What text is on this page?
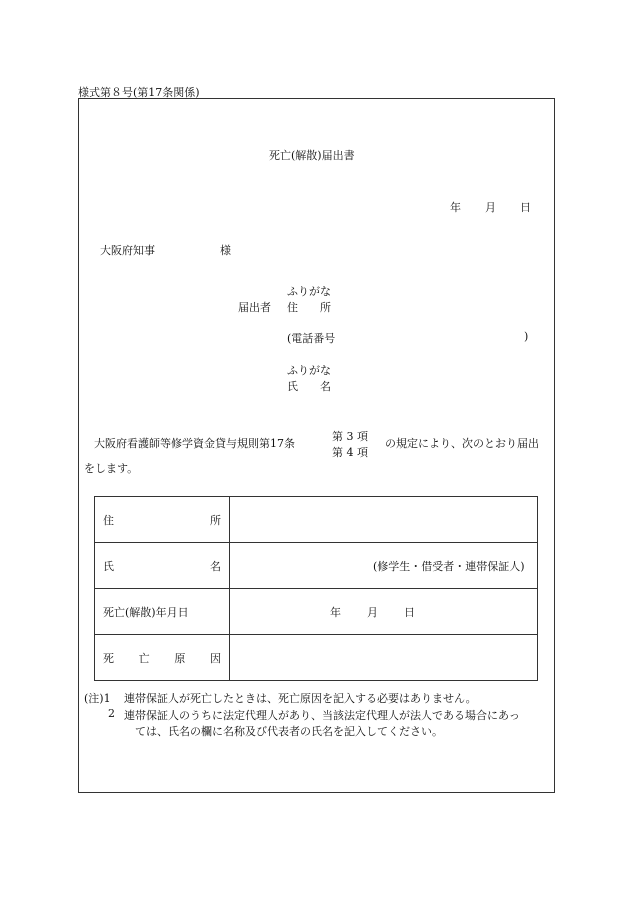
様式第８号(第17条関係)
死亡(解散)届出書
年 月 日
大阪府知事	様
ふりがな
届出者 住 所
(電話番号	)
ふりがな
氏 名
大阪府看護師等修学資金貸与規則第17条
第 3 項
第 4 項
の規定により、次のとおり届出
をします。
住 所	

氏 名	(修学生・借受者・連帯保証人)

死亡(解散)年月日	年 月 日

死 亡 原 因	

(注)1 連帯保証人が死亡したときは、死亡原因を記入する必要はありません。
2 連帯保証人のうちに法定代理人があり、当該法定代理人が法人である場合にあっ
ては、氏名の欄に名称及び代表者の氏名を記入してください。
